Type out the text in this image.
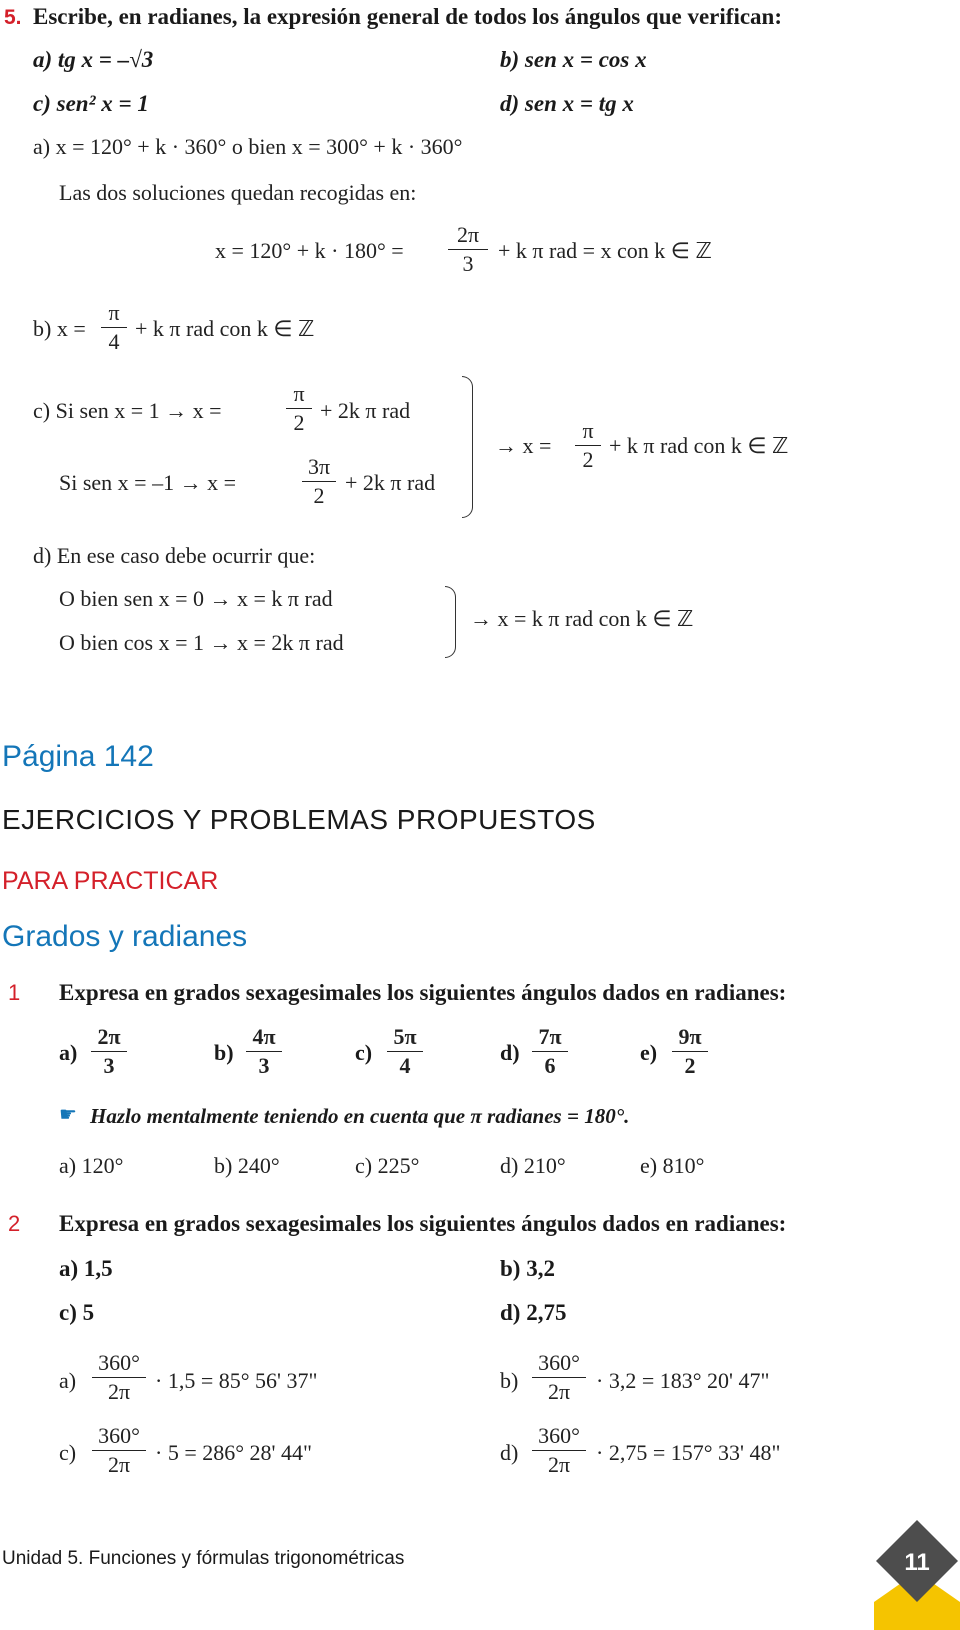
5. Escribe, en radianes, la expresión general de todos los ángulos que verifican:
a) tg x = –√3	b) sen x = cos x
c) sen² x = 1	d) sen x = tg x
a) x = 120° + k · 360° o bien x = 300° + k · 360°
Las dos soluciones quedan recogidas en:
x = 120° + k · 180° =
2π
3
+ k π rad = x con k ∈ ℤ
b) x =
π
4
+ k π rad con k ∈ ℤ
c) Si sen x = 1 → x =
π
2 + 2k π rad
Si sen x = –1 → x =
3π
2
+ 2k π rad
→ x =
π
2
+ k π rad con k ∈ ℤ
d) En ese caso debe ocurrir que:
O bien sen x = 0 → x = k π rad
O bien cos x = 1 → x = 2k π rad
→ x = k π rad con k ∈ ℤ
Página 142
EJERCICIOS Y PROBLEMAS PROPUESTOS
PARA PRACTICAR
Grados y radianes
1 Expresa en grados sexagesimales los siguientes ángulos dados en radianes:
a)
2π
3
b)
4π
3
c)
5π
4
d)
7π
6
e)
9π
2
☛ Hazlo mentalmente teniendo en cuenta que π radianes = 180°.
a) 120°	b) 240°	c) 225°	d) 210°	e) 810°
2 Expresa en grados sexagesimales los siguientes ángulos dados en radianes:
a) 1,5	b) 3,2
c) 5	d) 2,75
a)
360°
2π	· 1,5 = 85° 56' 37"	b)
360°
2π	· 3,2 = 183° 20' 47"
c)
360°
2π	· 5 = 286° 28' 44"	d)
360°
2π	· 2,75 = 157° 33' 48"
Unidad 5. Funciones y fórmulas trigonométricas	11
